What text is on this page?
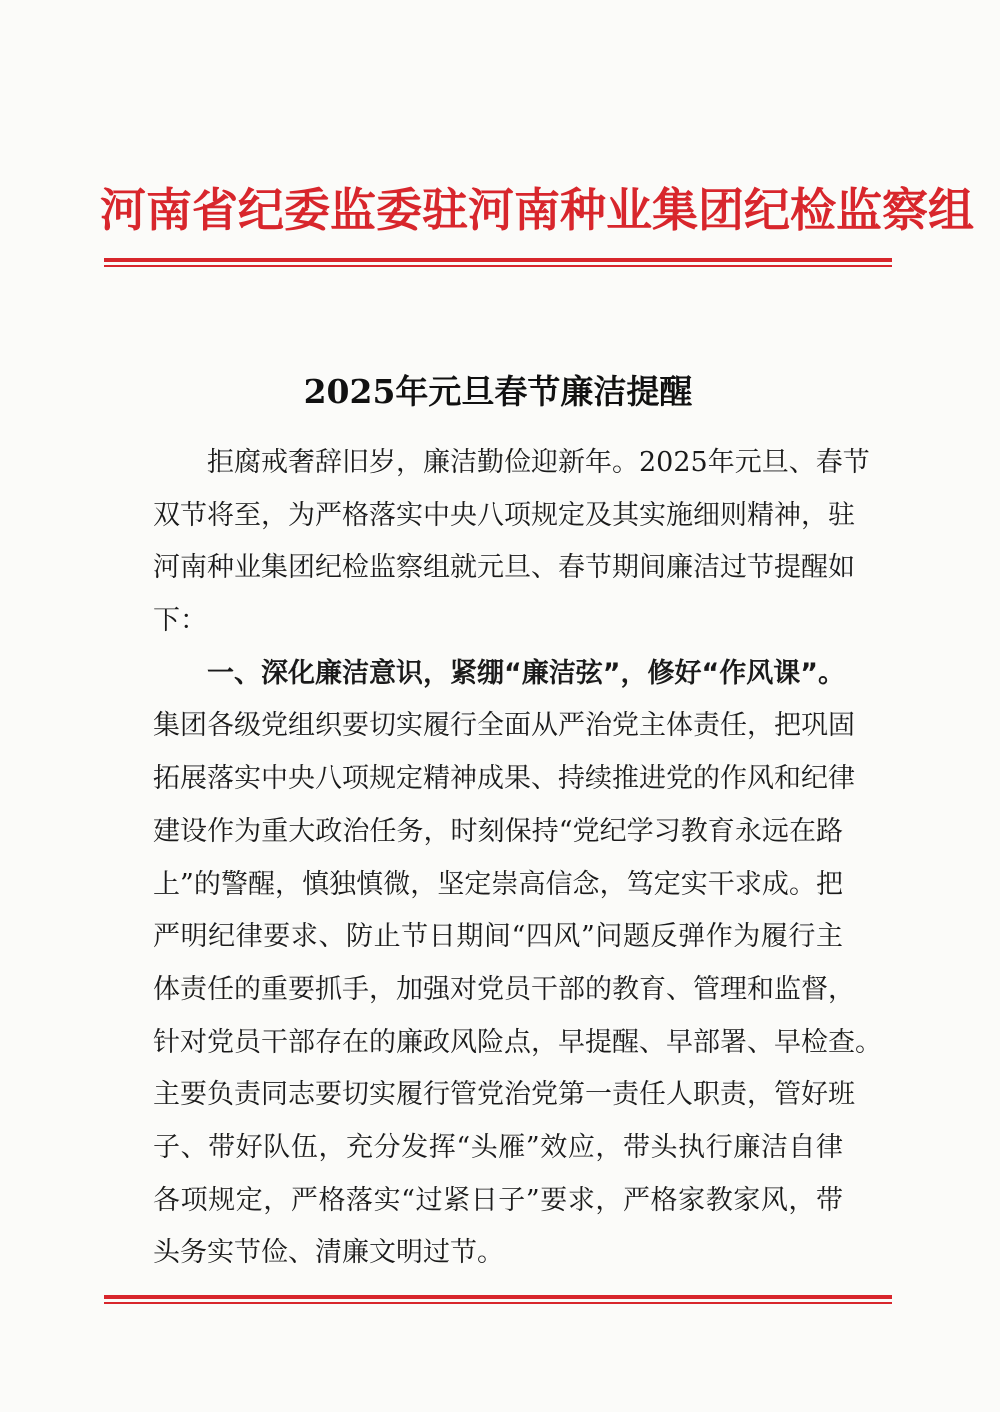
河南省纪委监委驻河南种业集团纪检监察组
2025年元旦春节廉洁提醒
拒腐戒奢辞旧岁，廉洁勤俭迎新年。2025年元旦、春节
双节将至，为严格落实中央八项规定及其实施细则精神，驻
河南种业集团纪检监察组就元旦、春节期间廉洁过节提醒如
下：
一、深化廉洁意识，紧绷“廉洁弦”，修好“作风课”。
集团各级党组织要切实履行全面从严治党主体责任，把巩固
拓展落实中央八项规定精神成果、持续推进党的作风和纪律
建设作为重大政治任务，时刻保持“党纪学习教育永远在路
上”的警醒，慎独慎微，坚定崇高信念，笃定实干求成。把
严明纪律要求、防止节日期间“四风”问题反弹作为履行主
体责任的重要抓手，加强对党员干部的教育、管理和监督，
针对党员干部存在的廉政风险点，早提醒、早部署、早检查。
主要负责同志要切实履行管党治党第一责任人职责，管好班
子、带好队伍，充分发挥“头雁”效应，带头执行廉洁自律
各项规定，严格落实“过紧日子”要求，严格家教家风，带
头务实节俭、清廉文明过节。
